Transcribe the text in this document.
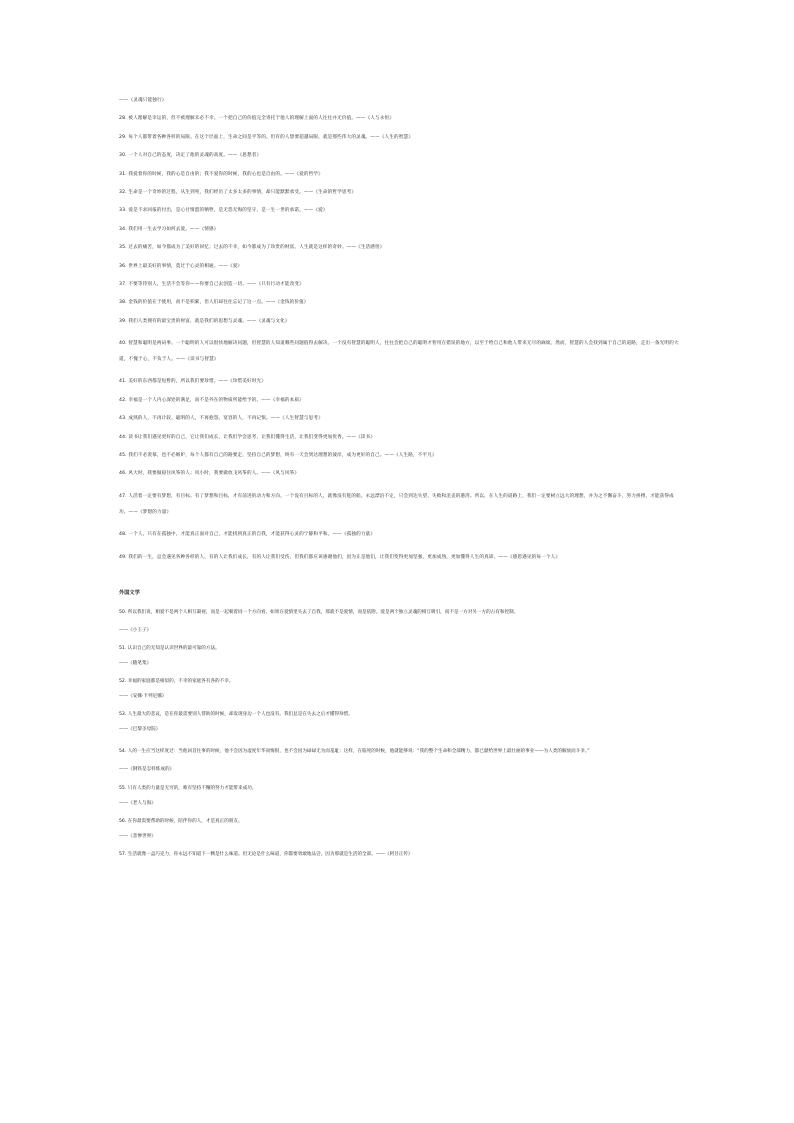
——《灵魂只能独行》

28. 被人理解是幸运的，但不被理解未必不幸。一个把自己的价值完全寄托于他人的理解上面的人往往并无价值。——《人与永恒》

29. 每个人都带着各种各样的局限。在这个层面上，生命之间是平等的。但有的人想要超越局限，就是那些伟大的灵魂。——《人生的智慧》

30. 一个人对自己的态度，决定了他的灵魂的高度。——《思想者》

31. 我爱着你的时候，我的心是自由的；我不爱你的时候，我的心也是自由的。——《爱的哲学》

32. 生命是一个奇妙的过程，从生到死，我们经历了太多太多的事情，却只能默默承受。——《生命的哲学思考》

33. 爱是不求回报的付出，是心甘情愿的牺牲，是无怨无悔的坚守，是一生一世的承诺。——《爱》

34. 我们用一生去学习如何去爱。——《情感》

35. 过去的痛苦，如今都成为了美好的回忆；过去的不幸，如今都成为了珍贵的财富。人生就是这样的奇妙。——《生活感悟》

36. 世界上最美好的事情，莫过于心灵的相通。——《爱》

37. 不要等待别人，生活不会等你——你要自己去创造一切。——《只有行动才能改变》

38. 金钱的价值在于使用，而不是积累，但人们却往往忘记了这一点。——《金钱的价值》

39. 我们人类拥有的最宝贵的财富，就是我们的思想与灵魂。——《灵魂与文化》

40. 智慧和聪明是两码事。一个聪明的人可以很快地解决问题，但智慧的人知道哪些问题值得去解决。一个没有智慧的聪明人，往往会把自己的聪明才智用在错误的地方，以至于给自己和他人带来无尽的麻烦。然而，智慧的人会找到属于自己的道路，走出一条光明的大道，不愧于心，不负于人。——《读书与智慧》

41. 美好的东西都是短暂的，所以我们要珍惜。——《珍惜美好时光》

42. 幸福是一个人内心深处的满足，而不是外在的物质所能给予的。——《幸福的本质》

43. 成熟的人，不再计较。聪明的人，不再抱怨。宽容的人，不再记恨。——《人生智慧与思考》

44. 读书让我们遇见更好的自己，它让我们成长，让我们学会思考，让我们懂得生活，让我们变得更加优秀。——《读书》

45. 我们不必羡慕，也不必嫉妒，每个人都有自己的路要走，坚持自己的梦想，终有一天会到达理想的彼岸，成为更好的自己。——《人生路，不平凡》

46. 风大时，我要做稳住风筝的人；风小时，我要做放飞风筝的人。——《风与风筝》

47. 人活着一定要有梦想，有目标。有了梦想和目标，才有前进的动力和方向。一个没有目标的人，就像没有舵的船，永远漂泊不定，只会到达失望、失败和沮丧的港湾。所以，在人生的道路上，我们一定要树立远大的理想，并为之不懈奋斗，努力拼搏，才能获得成功。——《梦想的力量》

48. 一个人，只有在孤独中，才能真正面对自己，才能找到真正的自我，才能获得心灵的宁静和平和。——《孤独的力量》

49. 我们的一生，总会遇见各种各样的人，有的人让我们成长，有的人让我们受伤，但我们都应该感谢他们，因为正是他们，让我们变得更加坚强，更加成熟，更加懂得人生的真谛。——《感恩遇见的每一个人》

外国文学

50. 所以我们说，相爱不是两个人相互凝视，而是一起朝着同一个方向看。如果在爱情里失去了自我，那就不是爱情，而是依附。爱是两个独立灵魂的相互吸引，而不是一方对另一方的占有和控制。

——《小王子》

51. 认识自己的无知是认识世界的最可靠的方法。

——《随笔集》

52. 幸福的家庭都是相似的，不幸的家庭各有各的不幸。

——《安娜·卡列尼娜》

53. 人生最大的悲哀，是在你最需要别人帮助的时候，却发现身边一个人也没有。我们总是在失去之后才懂得珍惜。

——《巴黎圣母院》

54. 人的一生应当这样度过：当他回首往事的时候，他不会因为虚度年华而悔恨，也不会因为碌碌无为而羞耻；这样，在临死的时候，他就能够说：“我的整个生命和全部精力，都已献给世界上最壮丽的事业——为人类的解放而斗争。”

——《钢铁是怎样炼成的》

55. 只有人类的力量是无穷的，唯有坚持不懈的努力才能带来成功。

——《老人与海》

56. 在你最需要帮助的时候，陪伴你的人，才是真正的朋友。

——《悲惨世界》

57. 生活就像一盒巧克力，你永远不知道下一颗是什么味道。但无论是什么味道，你都要勇敢地品尝，因为那就是生活的全部。——《阿甘正传》
